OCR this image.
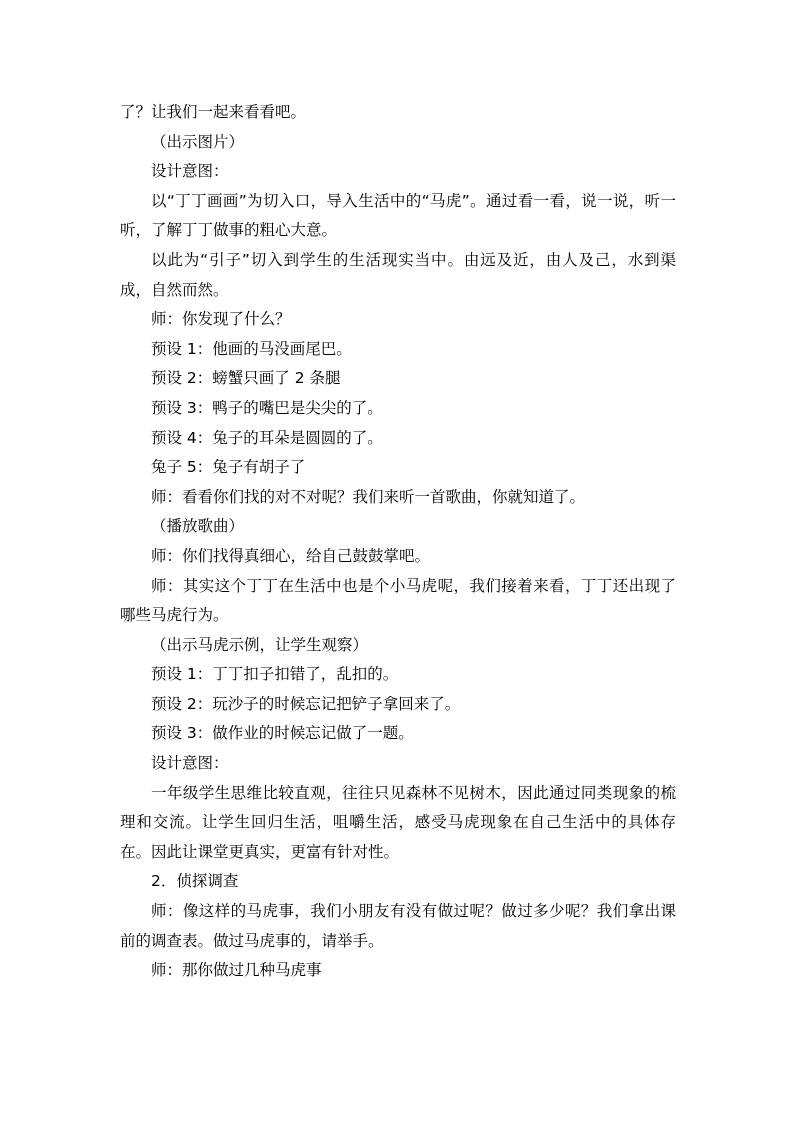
了？让我们一起来看看吧。

（出示图片）

设计意图：

以“丁丁画画”为切入口，导入生活中的“马虎”。通过看一看，说一说，听一听，了解丁丁做事的粗心大意。

以此为“引子”切入到学生的生活现实当中。由远及近，由人及己，水到渠成，自然而然。

师：你发现了什么？

预设 1：他画的马没画尾巴。

预设 2：螃蟹只画了 2 条腿

预设 3：鸭子的嘴巴是尖尖的了。

预设 4：兔子的耳朵是圆圆的了。

兔子 5：兔子有胡子了

师：看看你们找的对不对呢？我们来听一首歌曲，你就知道了。

（播放歌曲）

师：你们找得真细心，给自己鼓鼓掌吧。

师：其实这个丁丁在生活中也是个小马虎呢，我们接着来看，丁丁还出现了哪些马虎行为。

（出示马虎示例，让学生观察）

预设 1：丁丁扣子扣错了，乱扣的。

预设 2：玩沙子的时候忘记把铲子拿回来了。

预设 3：做作业的时候忘记做了一题。

设计意图：

一年级学生思维比较直观，往往只见森林不见树木，因此通过同类现象的梳理和交流。让学生回归生活，咀嚼生活，感受马虎现象在自己生活中的具体存在。因此让课堂更真实，更富有针对性。

2．侦探调查

师：像这样的马虎事，我们小朋友有没有做过呢？做过多少呢？我们拿出课前的调查表。做过马虎事的，请举手。

师：那你做过几种马虎事
